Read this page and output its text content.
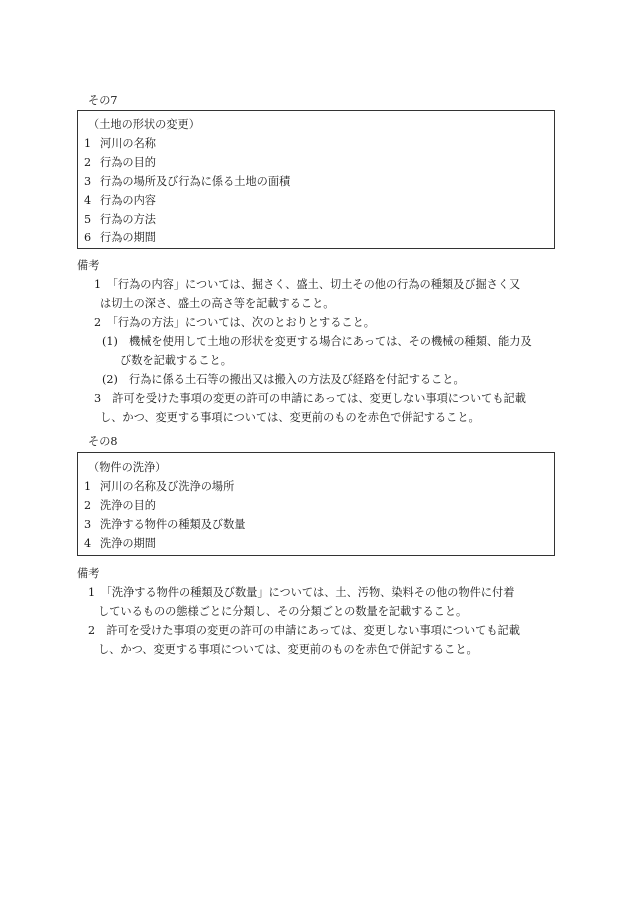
その7
（土地の形状の変更）
1 河川の名称
2 行為の目的
3 行為の場所及び行為に係る土地の面積
4 行為の内容
5 行為の方法
6 行為の期間
備考
1　「行為の内容」については、掘さく、盛土、切土その他の行為の種類及び掘さく又
は切土の深さ、盛土の高さ等を記載すること。
2　「行為の方法」については、次のとおりとすること。
(1)　機械を使用して土地の形状を変更する場合にあっては、その機械の種類、能力及
び数を記載すること。
(2)　行為に係る土石等の搬出又は搬入の方法及び経路を付記すること。
3　許可を受けた事項の変更の許可の申請にあっては、変更しない事項についても記載
し、かつ、変更する事項については、変更前のものを赤色で併記すること。
その8
（物件の洗浄）
1 河川の名称及び洗浄の場所
2 洗浄の目的
3 洗浄する物件の種類及び数量
4 洗浄の期間
備考
1　「洗浄する物件の種類及び数量」については、土、汚物、染料その他の物件に付着
しているものの態様ごとに分類し、その分類ごとの数量を記載すること。
2　許可を受けた事項の変更の許可の申請にあっては、変更しない事項についても記載
し、かつ、変更する事項については、変更前のものを赤色で併記すること。
